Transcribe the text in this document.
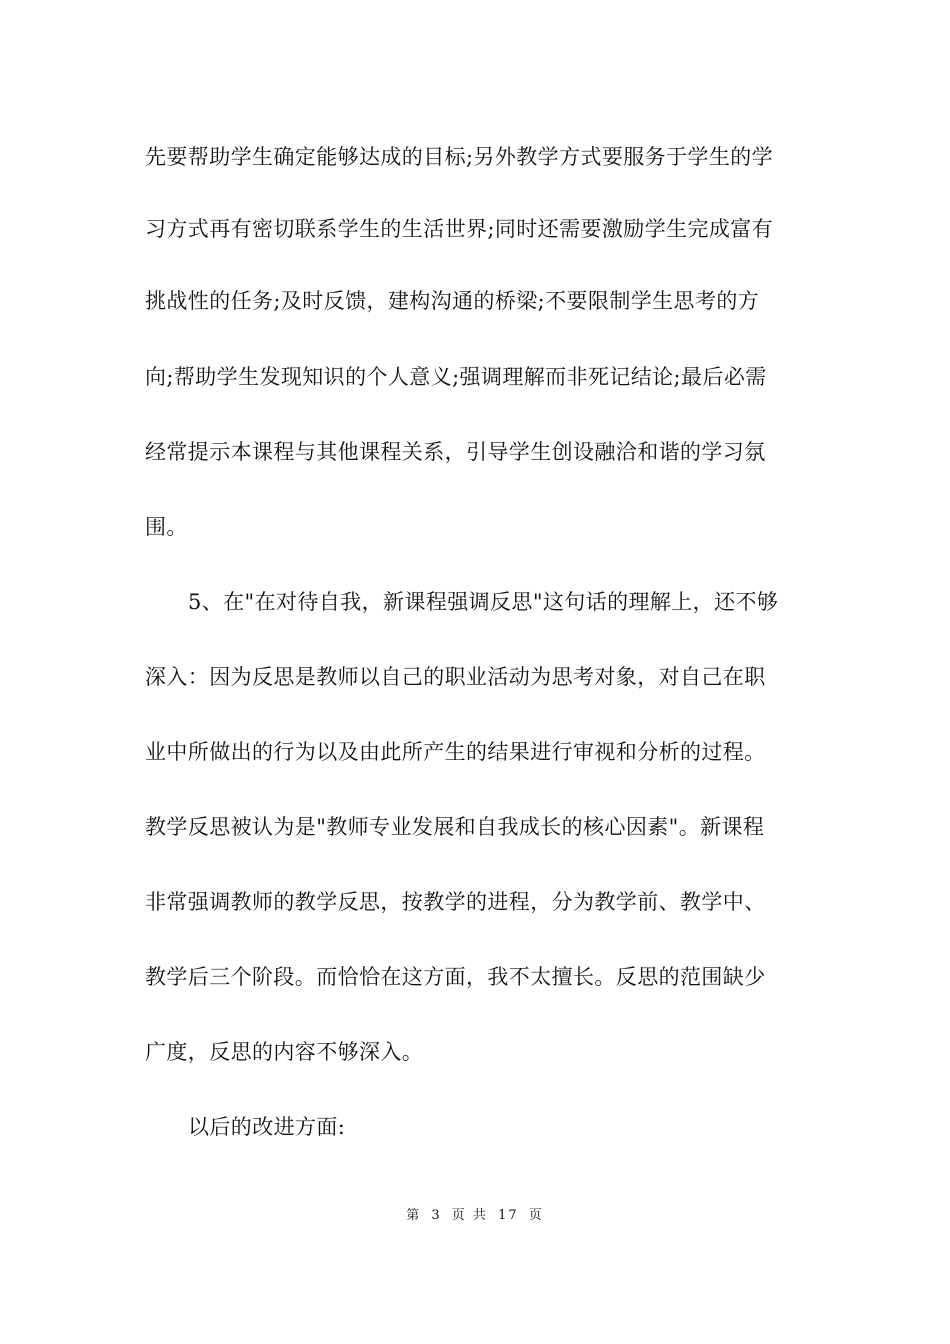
先要帮助学生确定能够达成的目标;另外教学方式要服务于学生的学
习方式再有密切联系学生的生活世界;同时还需要激励学生完成富有
挑战性的任务;及时反馈，建构沟通的桥梁;不要限制学生思考的方
向;帮助学生发现知识的个人意义;强调理解而非死记结论;最后必需
经常提示本课程与其他课程关系，引导学生创设融洽和谐的学习氛
围。
5、在"在对待自我，新课程强调反思"这句话的理解上，还不够
深入：因为反思是教师以自己的职业活动为思考对象，对自己在职
业中所做出的行为以及由此所产生的结果进行审视和分析的过程。
教学反思被认为是"教师专业发展和自我成长的核心因素"。新课程
非常强调教师的教学反思，按教学的进程，分为教学前、教学中、
教学后三个阶段。而恰恰在这方面，我不太擅长。反思的范围缺少
广度，反思的内容不够深入。
以后的改进方面:
第 3 页 共 17 页
